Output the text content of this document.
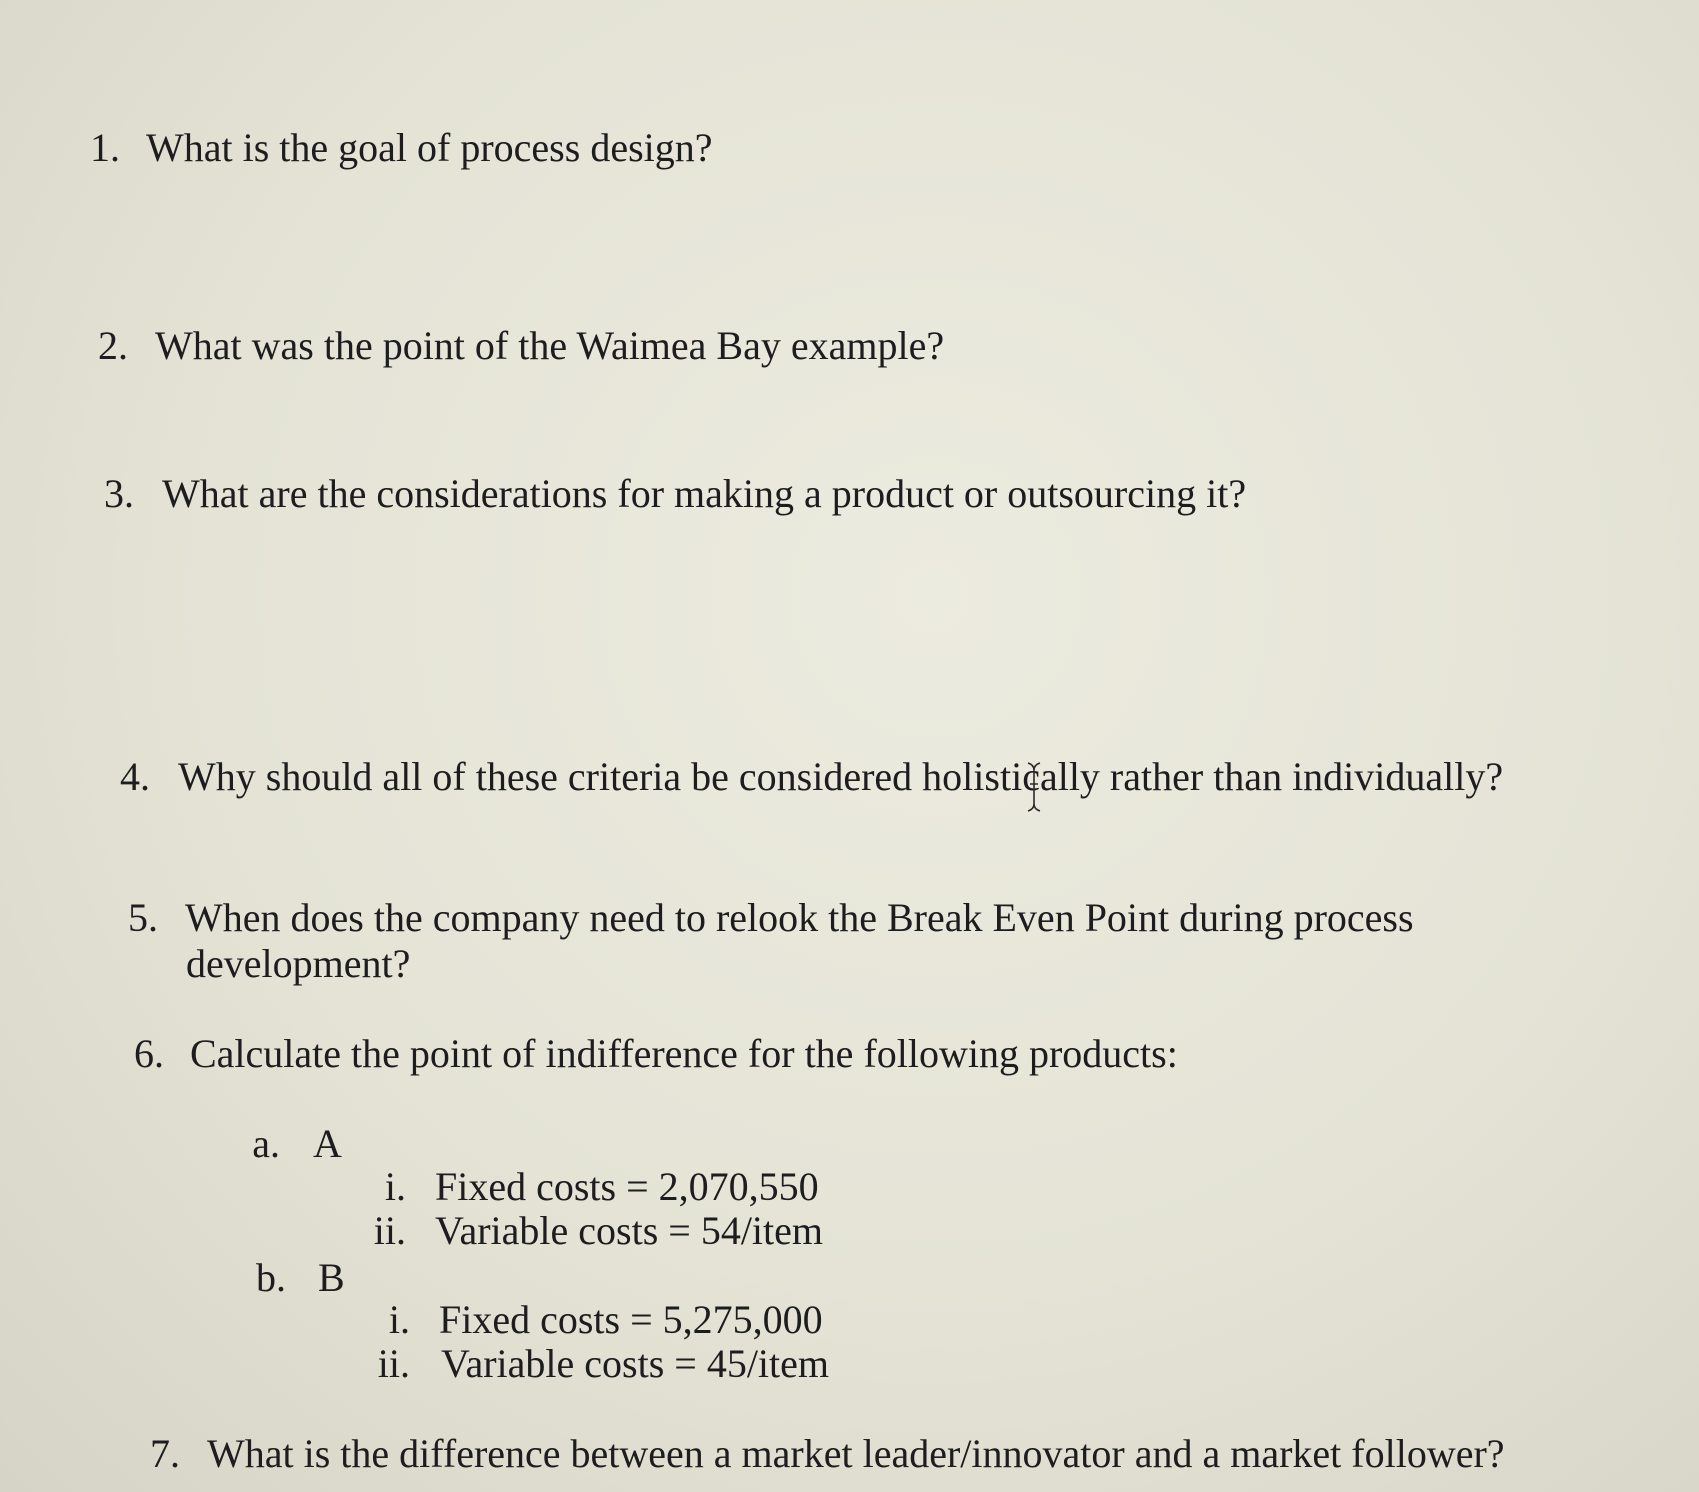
1. What is the goal of process design?
2. What was the point of the Waimea Bay example?
3. What are the considerations for making a product or outsourcing it?
4. Why should all of these criteria be considered holistically rather than individually?
5. When does the company need to relook the Break Even Point during process
development?
6. Calculate the point of indifference for the following products:
a. A
i. Fixed costs = 2,070,550
ii. Variable costs = 54/item
b. B
i. Fixed costs = 5,275,000
ii. Variable costs = 45/item
7. What is the difference between a market leader/innovator and a market follower?
